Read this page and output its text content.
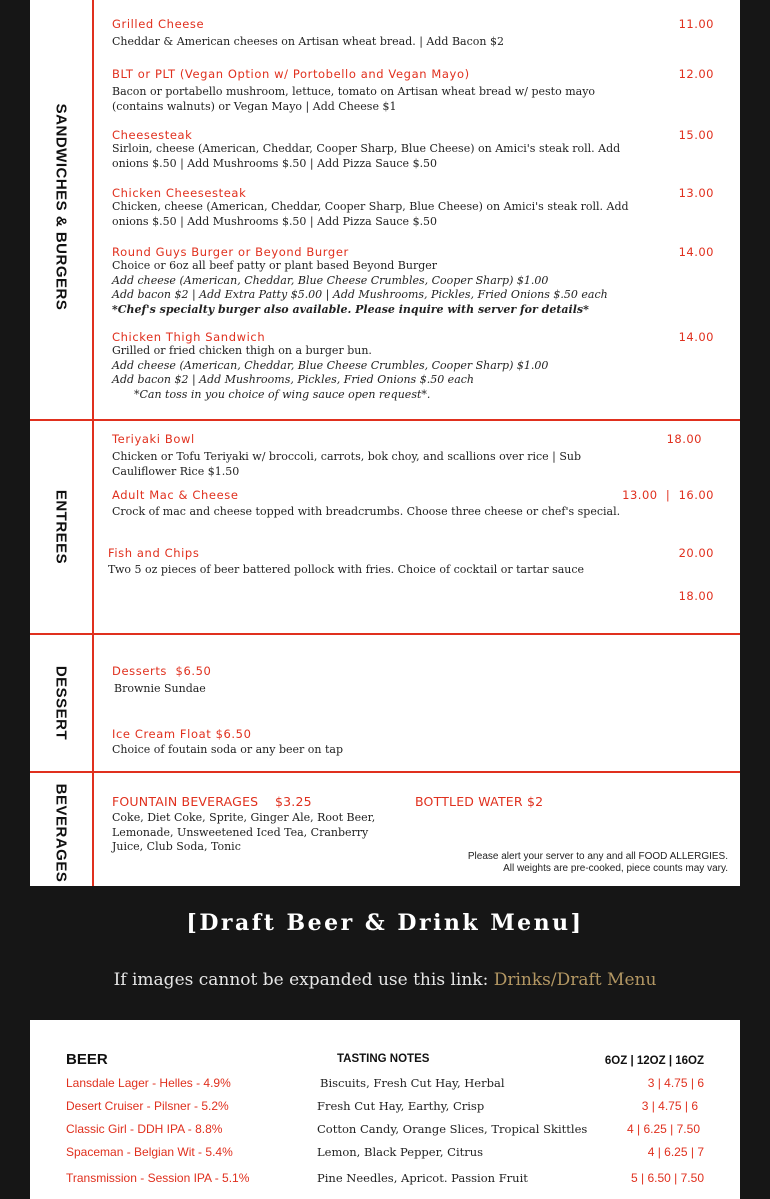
SANDWICHES & BURGERS
Grilled Cheese	11.00
Cheddar & American cheeses on Artisan wheat bread. | Add Bacon $2
BLT or PLT (Vegan Option w/ Portobello and Vegan Mayo)	12.00
Bacon or portabello mushroom, lettuce, tomato on Artisan wheat bread w/ pesto mayo (contains walnuts) or Vegan Mayo | Add Cheese $1
Cheesesteak	15.00
Sirloin, cheese (American, Cheddar, Cooper Sharp, Blue Cheese) on Amici's steak roll. Add onions $.50 | Add Mushrooms $.50 | Add Pizza Sauce $.50
Chicken Cheesesteak	13.00
Chicken, cheese (American, Cheddar, Cooper Sharp, Blue Cheese) on Amici's steak roll. Add onions $.50 | Add Mushrooms $.50 | Add Pizza Sauce $.50
Round Guys Burger or Beyond Burger	14.00
Choice or 6oz all beef patty or plant based Beyond Burger
Add cheese (American, Cheddar, Blue Cheese Crumbles, Cooper Sharp) $1.00
Add bacon $2 | Add Extra Patty $5.00 | Add Mushrooms, Pickles, Fried Onions $.50 each
*Chef's specialty burger also available. Please inquire with server for details*
Chicken Thigh Sandwich	14.00
Grilled or fried chicken thigh on a burger bun.
Add cheese (American, Cheddar, Blue Cheese Crumbles, Cooper Sharp) $1.00
Add bacon $2 | Add Mushrooms, Pickles, Fried Onions $.50 each
*Can toss in you choice of wing sauce open request*.
ENTREES
Teriyaki Bowl	18.00
Chicken or Tofu Teriyaki w/ broccoli, carrots, bok choy, and scallions over rice | Sub Cauliflower Rice $1.50
Adult Mac & Cheese	13.00  |  16.00
Crock of mac and cheese topped with breadcrumbs. Choose three cheese or chef's special.
Fish and Chips	20.00
Two 5 oz pieces of beer battered pollock with fries. Choice of cocktail or tartar sauce
18.00
DESSERT	Desserts  $6.50
Brownie Sundae
Ice Cream Float $6.50
Choice of foutain soda or any beer on tap
BEVERAGES	FOUNTAIN BEVERAGES    $3.25
Coke, Diet Coke, Sprite, Ginger Ale, Root Beer, Lemonade, Unsweetened Iced Tea, Cranberry Juice, Club Soda, Tonic
BOTTLED WATER $2
Please alert your server to any and all FOOD ALLERGIES.
All weights are pre-cooked, piece counts may vary.
[Draft Beer & Drink Menu]
If images cannot be expanded use this link: Drinks/Draft Menu
BEER	TASTING NOTES	6OZ | 12OZ | 16OZ
Lansdale Lager - Helles - 4.9%	Biscuits, Fresh Cut Hay, Herbal	3 | 4.75 | 6
Desert Cruiser - Pilsner - 5.2%	Fresh Cut Hay, Earthy, Crisp	3 | 4.75 | 6
Classic Girl - DDH IPA - 8.8%	Cotton Candy, Orange Slices, Tropical Skittles	4 | 6.25 | 7.50
Spaceman - Belgian Wit - 5.4%	Lemon, Black Pepper, Citrus	4 | 6.25 | 7
Transmission - Session IPA - 5.1%	Pine Needles, Apricot. Passion Fruit	5 | 6.50 | 7.50
